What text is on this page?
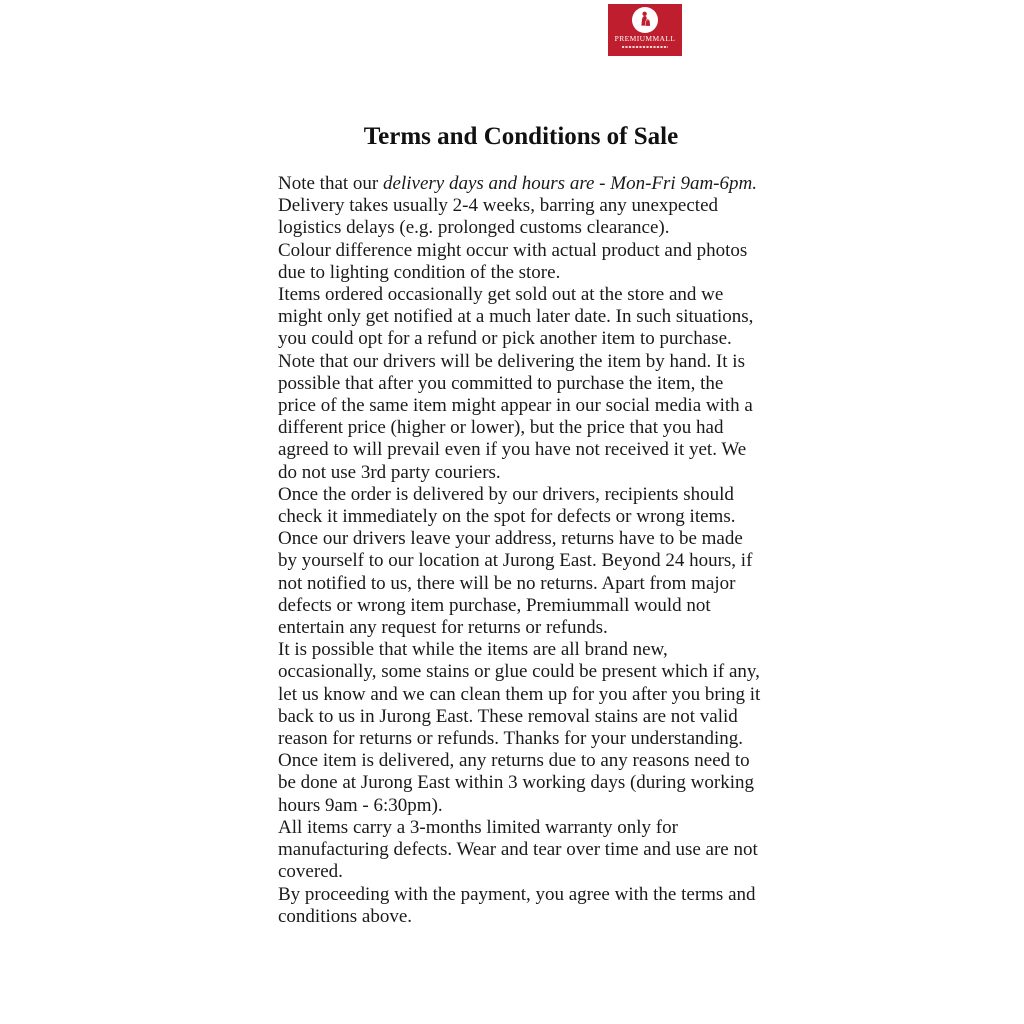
PREMIUMMALL
Terms and Conditions of Sale

Note that our delivery days and hours are - Mon-Fri 9am-6pm.

Delivery takes usually 2-4 weeks, barring any unexpected logistics delays (e.g. prolonged customs clearance).

Colour difference might occur with actual product and photos due to lighting condition of the store.

Items ordered occasionally get sold out at the store and we might only get notified at a much later date. In such situations, you could opt for a refund or pick another item to purchase.

Note that our drivers will be delivering the item by hand. It is possible that after you committed to purchase the item, the price of the same item might appear in our social media with a different price (higher or lower), but the price that you had agreed to will prevail even if you have not received it yet. We do not use 3rd party couriers.

Once the order is delivered by our drivers, recipients should check it immediately on the spot for defects or wrong items.

Once our drivers leave your address, returns have to be made by yourself to our location at Jurong East. Beyond 24 hours, if not notified to us, there will be no returns. Apart from major defects or wrong item purchase, Premiummall would not entertain any request for returns or refunds.

It is possible that while the items are all brand new, occasionally, some stains or glue could be present which if any, let us know and we can clean them up for you after you bring it back to us in Jurong East. These removal stains are not valid reason for returns or refunds. Thanks for your understanding.

Once item is delivered, any returns due to any reasons need to be done at Jurong East within 3 working days (during working hours 9am - 6:30pm).

All items carry a 3-months limited warranty only for manufacturing defects. Wear and tear over time and use are not covered.

By proceeding with the payment, you agree with the terms and conditions above.
